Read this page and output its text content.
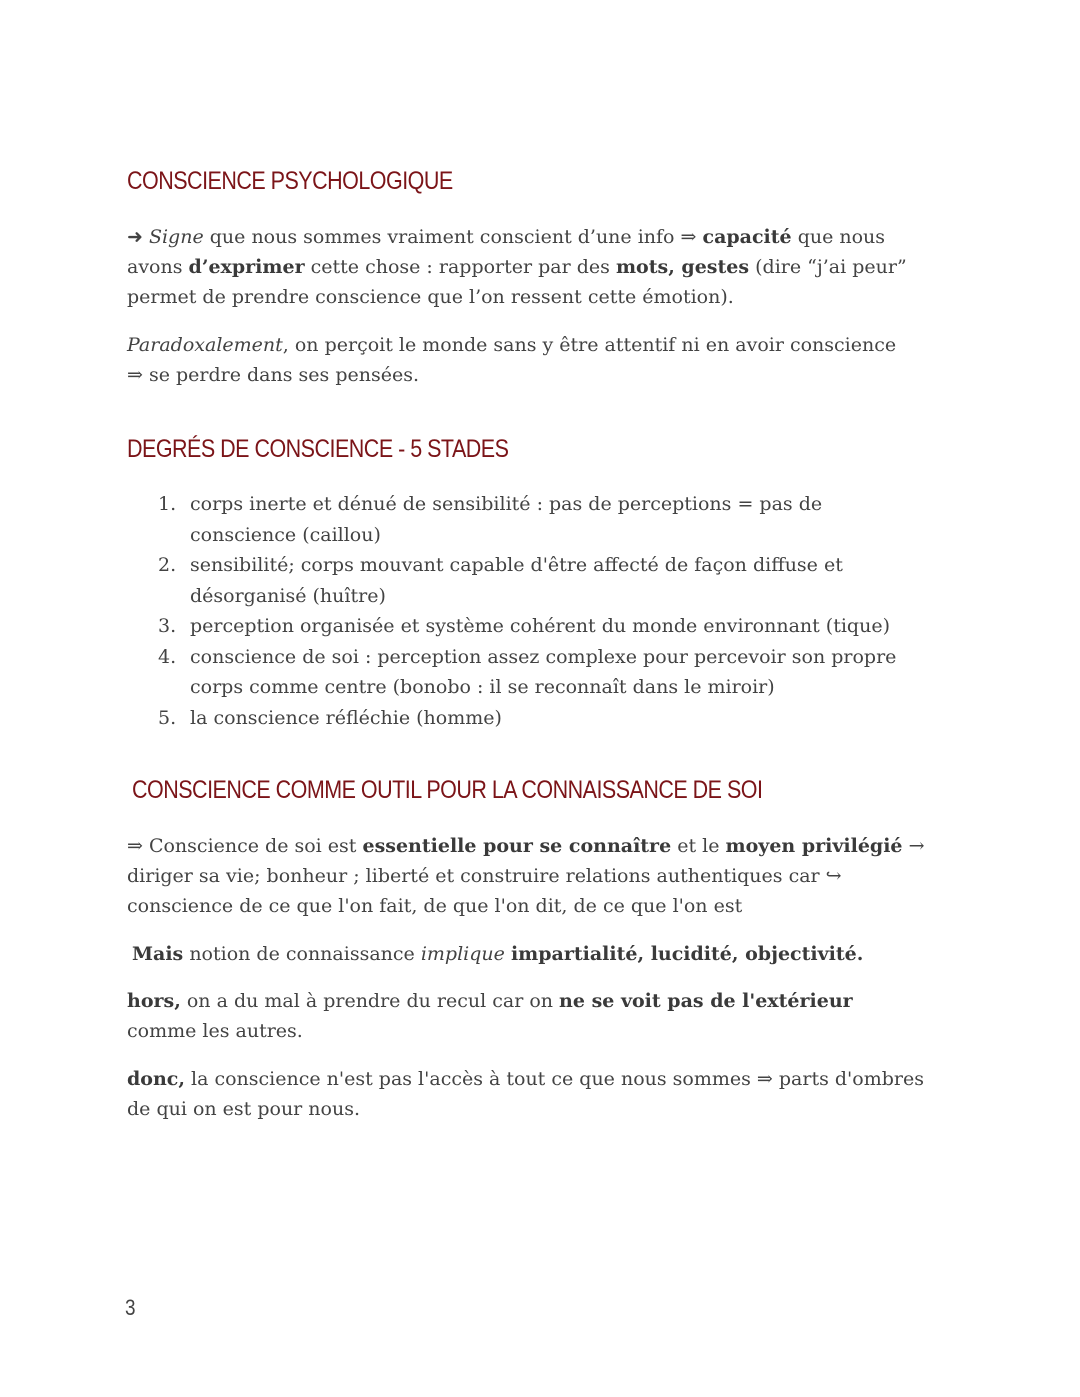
CONSCIENCE PSYCHOLOGIQUE

➜ Signe que nous sommes vraiment conscient d’une info ⇒ capacité que nous avons d’exprimer cette chose : rapporter par des mots, gestes (dire “j’ai peur” permet de prendre conscience que l’on ressent cette émotion).

Paradoxalement, on perçoit le monde sans y être attentif ni en avoir conscience ⇒ se perdre dans ses pensées.

DEGRÉS DE CONSCIENCE - 5 STADES
1. corps inerte et dénué de sensibilité : pas de perceptions = pas de conscience (caillou)
2. sensibilité; corps mouvant capable d'être affecté de façon diffuse et désorganisé (huître)
3. perception organisée et système cohérent du monde environnant (tique)
4. conscience de soi : perception assez complexe pour percevoir son propre corps comme centre (bonobo : il se reconnaît dans le miroir)
5. la conscience réfléchie (homme)
CONSCIENCE COMME OUTIL POUR LA CONNAISSANCE DE SOI

⇒ Conscience de soi est essentielle pour se connaître et le moyen privilégié → diriger sa vie; bonheur ; liberté et construire relations authentiques car ↪ conscience de ce que l'on fait, de que l'on dit, de ce que l'on est

Mais notion de connaissance implique impartialité, lucidité, objectivité.

hors, on a du mal à prendre du recul car on ne se voit pas de l'extérieur comme les autres.

donc, la conscience n'est pas l'accès à tout ce que nous sommes ⇒ parts d'ombres de qui on est pour nous.

3
